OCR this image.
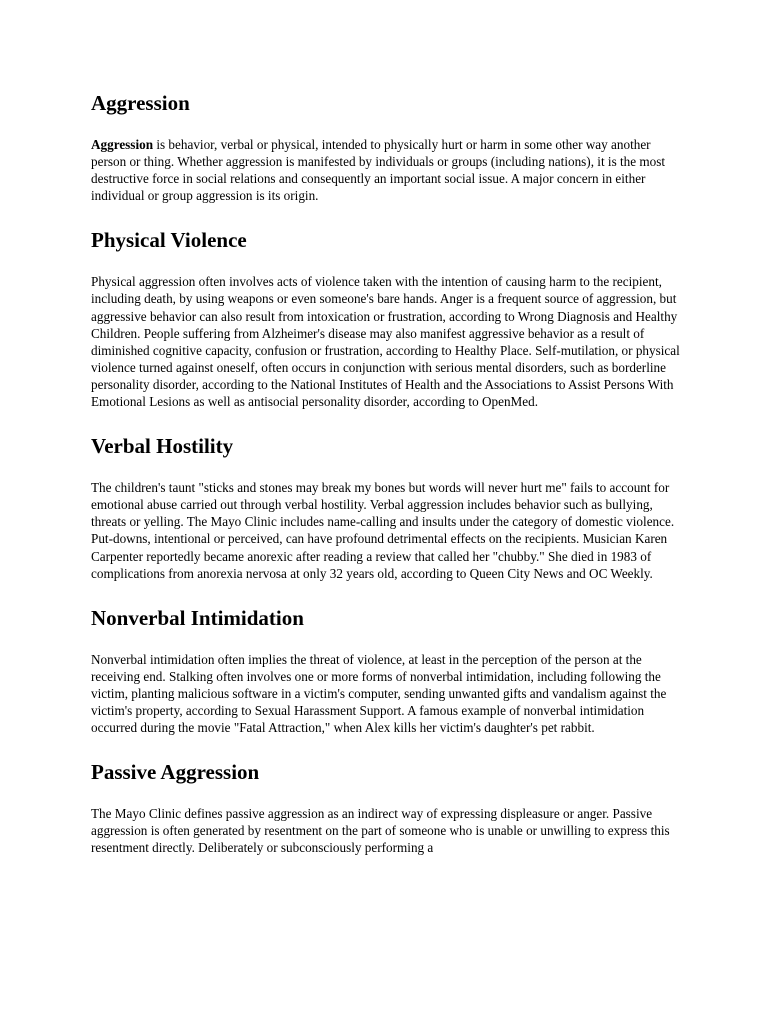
Aggression

Aggression is behavior, verbal or physical, intended to physically hurt or harm in some other way another person or thing. Whether aggression is manifested by individuals or groups (including nations), it is the most destructive force in social relations and consequently an important social issue. A major concern in either individual or group aggression is its origin.

Physical Violence

Physical aggression often involves acts of violence taken with the intention of causing harm to the recipient, including death, by using weapons or even someone's bare hands. Anger is a frequent source of aggression, but aggressive behavior can also result from intoxication or frustration, according to Wrong Diagnosis and Healthy Children. People suffering from Alzheimer's disease may also manifest aggressive behavior as a result of diminished cognitive capacity, confusion or frustration, according to Healthy Place. Self-mutilation, or physical violence turned against oneself, often occurs in conjunction with serious mental disorders, such as borderline personality disorder, according to the National Institutes of Health and the Associations to Assist Persons With Emotional Lesions as well as antisocial personality disorder, according to OpenMed.

Verbal Hostility

The children's taunt "sticks and stones may break my bones but words will never hurt me" fails to account for emotional abuse carried out through verbal hostility. Verbal aggression includes behavior such as bullying, threats or yelling. The Mayo Clinic includes name-calling and insults under the category of domestic violence. Put-downs, intentional or perceived, can have profound detrimental effects on the recipients. Musician Karen Carpenter reportedly became anorexic after reading a review that called her "chubby." She died in 1983 of complications from anorexia nervosa at only 32 years old, according to Queen City News and OC Weekly.

Nonverbal Intimidation

Nonverbal intimidation often implies the threat of violence, at least in the perception of the person at the receiving end. Stalking often involves one or more forms of nonverbal intimidation, including following the victim, planting malicious software in a victim's computer, sending unwanted gifts and vandalism against the victim's property, according to Sexual Harassment Support. A famous example of nonverbal intimidation occurred during the movie "Fatal Attraction," when Alex kills her victim's daughter's pet rabbit.

Passive Aggression

The Mayo Clinic defines passive aggression as an indirect way of expressing displeasure or anger. Passive aggression is often generated by resentment on the part of someone who is unable or unwilling to express this resentment directly. Deliberately or subconsciously performing a
